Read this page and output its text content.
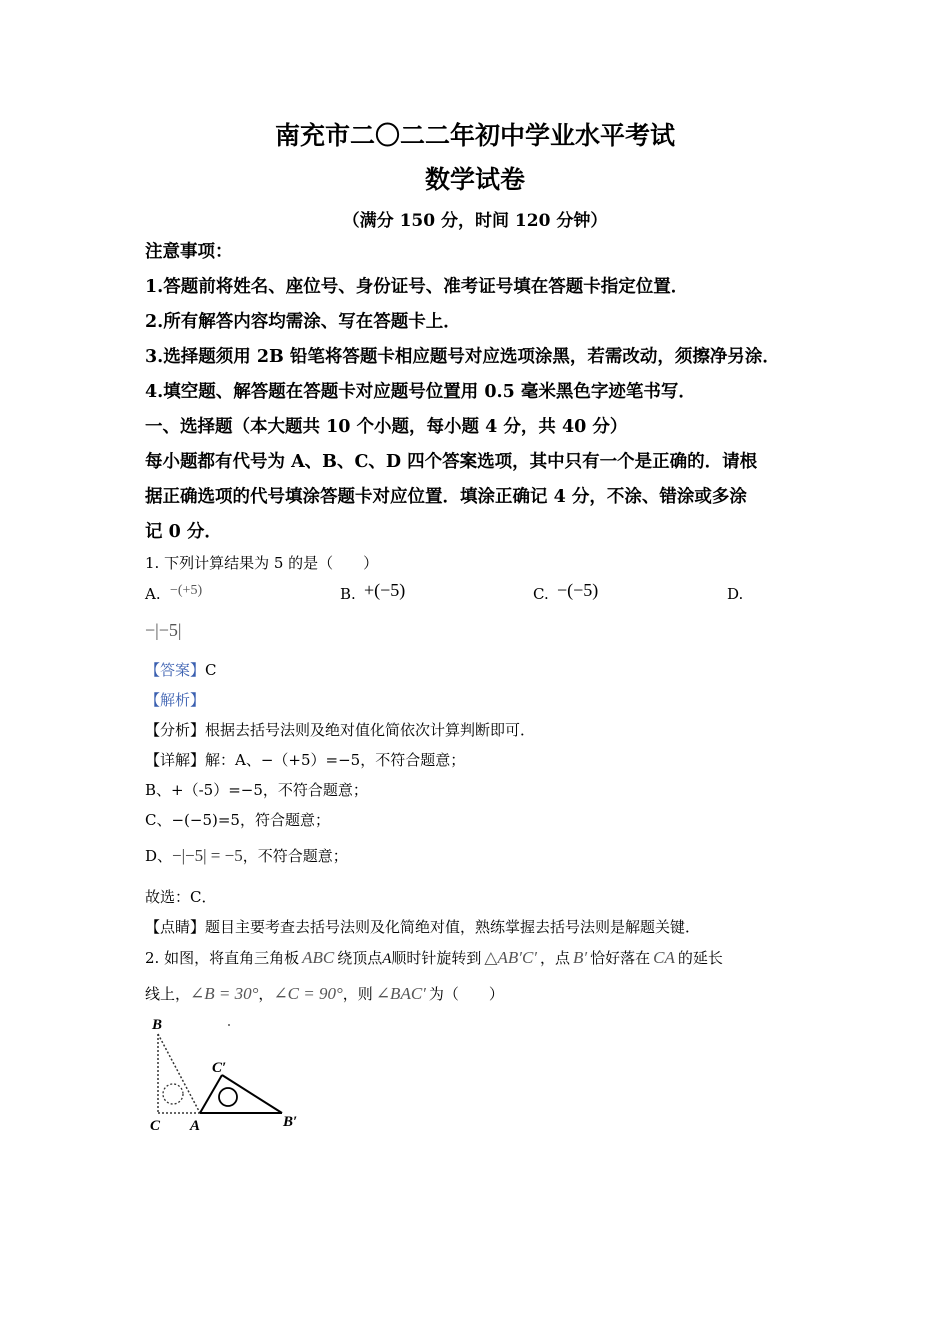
南充市二〇二二年初中学业水平考试
数学试卷
（满分 150 分，时间 120 分钟）
注意事项：
1.答题前将姓名、座位号、身份证号、准考证号填在答题卡指定位置．
2.所有解答内容均需涂、写在答题卡上．
3.选择题须用 2B 铅笔将答题卡相应题号对应选项涂黑，若需改动，须擦净另涂．
4.填空题、解答题在答题卡对应题号位置用 0.5 毫米黑色字迹笔书写．
一、选择题（本大题共 10 个小题，每小题 4 分，共 40 分）
每小题都有代号为 A、B、C、D 四个答案选项，其中只有一个是正确的．请根
据正确选项的代号填涂答题卡对应位置．填涂正确记 4 分，不涂、错涂或多涂
记 0 分．
1. 下列计算结果为 5 的是（　　）
A. −(+5)	B. +(−5)	C. −(−5)	D.
−|−5|
【答案】C
【解析】
【分析】根据去括号法则及绝对值化简依次计算判断即可．
【详解】解：A、−（+5）=−5，不符合题意；
B、+（-5）=−5，不符合题意；
C、−(−5)=5，符合题意；
D、−|−5| = −5，不符合题意；
故选：C．
【点睛】题目主要考查去括号法则及化简绝对值，熟练掌握去括号法则是解题关键．
2. 如图，将直角三角板 ABC 绕顶点A顺时针旋转到 △AB′C′ ，点 B′ 恰好落在 CA 的延长
线上，∠B = 30°，∠C = 90°，则 ∠BAC′ 为（　　）
B
C A
C′
B′
